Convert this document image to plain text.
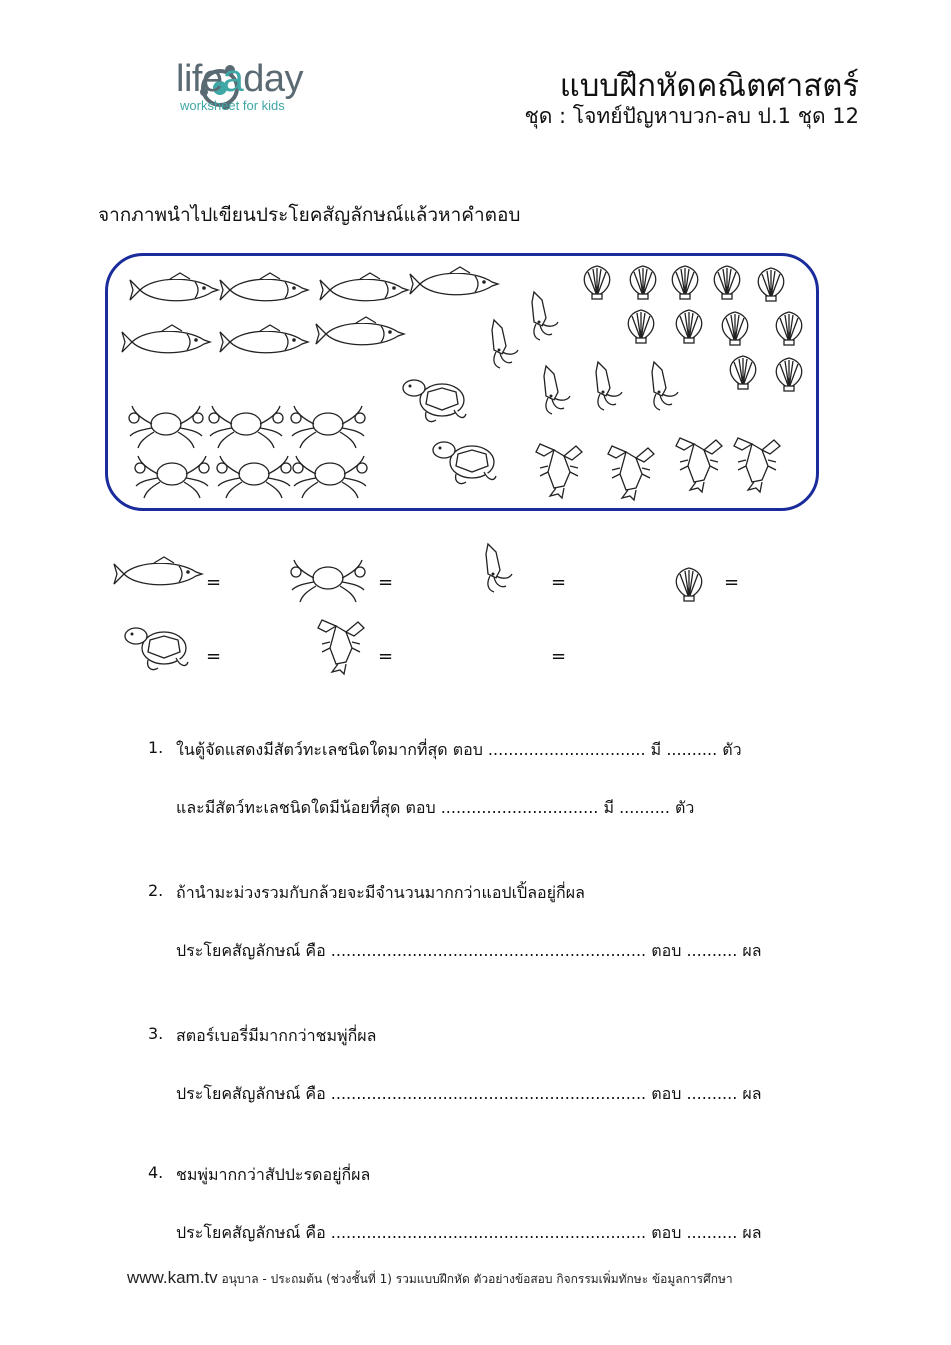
lifeaday
worksheet for kids
แบบฝึกหัดคณิตศาสตร์
ชุด : โจทย์ปัญหาบวก-ลบ ป.1 ชุด 12
จากภาพนำไปเขียนประโยคสัญลักษณ์แล้วหาคำตอบ
=	=	=	=
=	=	=
1. ในตู้จัดแสดงมีสัตว์ทะเลชนิดใดมากที่สุด ตอบ ............................... มี .......... ตัว
และมีสัตว์ทะเลชนิดใดมีน้อยที่สุด ตอบ ............................... มี .......... ตัว
2. ถ้านำมะม่วงรวมกับกล้วยจะมีจำนวนมากกว่าแอปเปิ้ลอยู่กี่ผล
ประโยคสัญลักษณ์ คือ .............................................................. ตอบ .......... ผล
3. สตอร์เบอรี่มีมากกว่าชมพู่กี่ผล
ประโยคสัญลักษณ์ คือ .............................................................. ตอบ .......... ผล
4. ชมพู่มากกว่าสัปปะรดอยู่กี่ผล
ประโยคสัญลักษณ์ คือ .............................................................. ตอบ .......... ผล
www.kam.tv อนุบาล - ประถมต้น (ช่วงชั้นที่ 1) รวมแบบฝึกหัด ตัวอย่างข้อสอบ กิจกรรมเพิ่มทักษะ ข้อมูลการศึกษา
